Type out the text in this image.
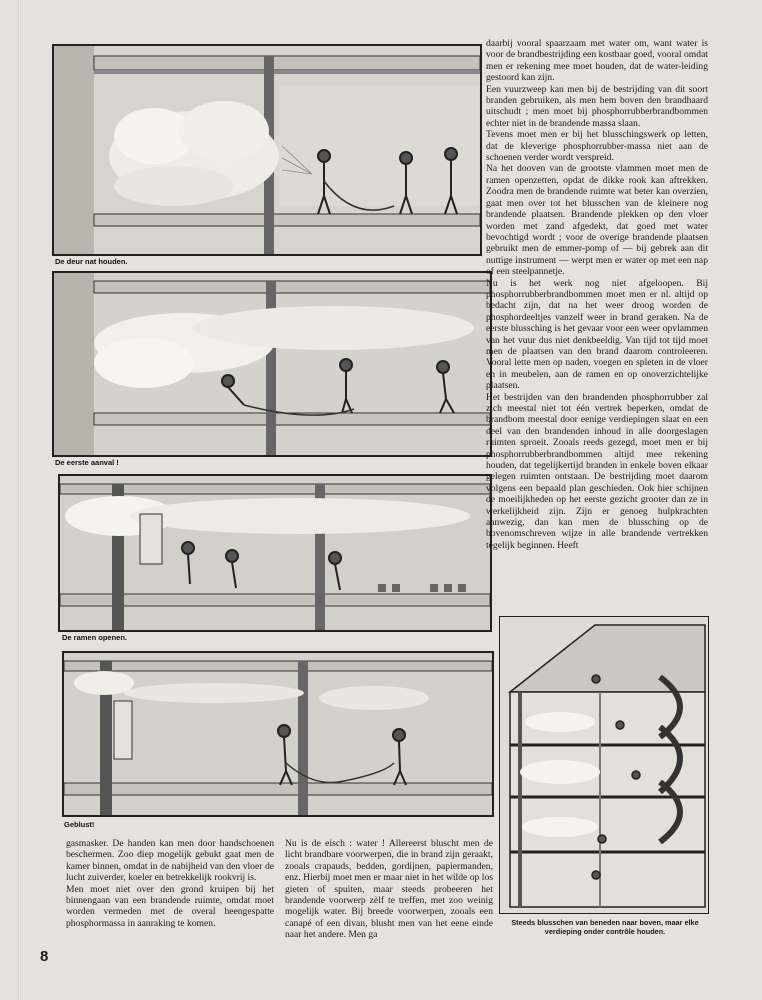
De deur nat houden.
De eerste aanval !
De ramen openen.
Geblust!

daarbij vooral spaarzaam met water om, want water is voor de brandbestrijding een kostbaar goed, vooral omdat men er rekening mee moet houden, dat de water-leiding gestoord kan zijn.

Een vuurzweep kan men bij de bestrijding van dit soort branden gebruiken, als men hem boven den brandhaard uitschudt ; men moet bij phosphorrubberbrandbommen echter niet in de brandende massa slaan.

Tevens moet men er bij het blusschingswerk op letten, dat de kleverige phosphorrubber-massa niet aan de schoenen verder wordt verspreid.

Na het dooven van de grootste vlammen moet men de ramen openzetten, opdat de dikke rook kan aftrekken. Zoodra men de brandende ruimte wat beter kan overzien, gaat men over tot het blusschen van de kleinere nog brandende plaatsen. Brandende plekken op den vloer worden met zand afgedekt, dat goed met water bevochtigd wordt ; voor de overige brandende plaatsen gebruikt men de emmer-pomp of — bij gebrek aan dit nuttige instrument — werpt men er water op met een nap of een steelpannetje.

Nu is het werk nog niet afgeloopen. Bij phosphorrubberbrandbommen moet men er nl. altijd op bedacht zijn, dat na het weer droog worden de phosphordeeltjes vanzelf weer in brand geraken. Na de eerste blussching is het gevaar voor een weer opvlammen van het vuur dus niet denkbeeldig. Van tijd tot tijd moet men de plaatsen van den brand daarom controleeren. Vooral lette men op naden, voegen en spleten in de vloer en in meubelen, aan de ramen en op onoverzichtelijke plaatsen.

Het bestrijden van den brandenden phosphorrubber zal zich meestal niet tot één vertrek beperken, omdat de brandbom meestal door eenige verdiepingen slaat en een deel van den brandenden inhoud in alle doorgeslagen ruimten sproeit. Zooals reeds gezegd, moet men er bij phosphorrubberbrandbommen altijd mee rekening houden, dat tegelijkertijd branden in enkele boven elkaar gelegen ruimten ontstaan. De bestrijding moet daarom volgens een bepaald plan geschieden. Ook hier schijnen de moeilijkheden op het eerste gezicht grooter dan ze in werkelijkheid zijn. Zijn er genoeg hulpkrachten aanwezig, dan kan men de blussching op de bovenomschreven wijze in alle brandende vertrekken tegelijk beginnen. Heeft

Steeds blusschen van beneden naar boven, maar elke verdieping onder contrôle houden.

gasmasker. De handen kan men door handschoenen beschermen. Zoo diep mogelijk gebukt gaat men de kamer binnen, omdat in de nabijheid van den vloer de lucht zuiverder, koeler en betrekkelijk rookvrij is.

Men moet niet over den grond kruipen bij het binnengaan van een brandende ruimte, omdat moet worden vermeden met de overal heengespatte phosphormassa in aanraking te komen.

Nu is de eisch : water ! Allereerst bluscht men de licht brandbare voorwerpen, die in brand zijn geraakt, zooals crapauds, bedden, gordijnen, papiermanden, enz. Hierbij moet men er maar niet in het wilde op los gieten of spuiten, maar steeds probeeren het brandende voorwerp zèlf te treffen, met zoo weinig mogelijk water. Bij breede voorwerpen, zooals een canapé of een divan, blusht men van het eene einde naar het andere. Men ga

8
